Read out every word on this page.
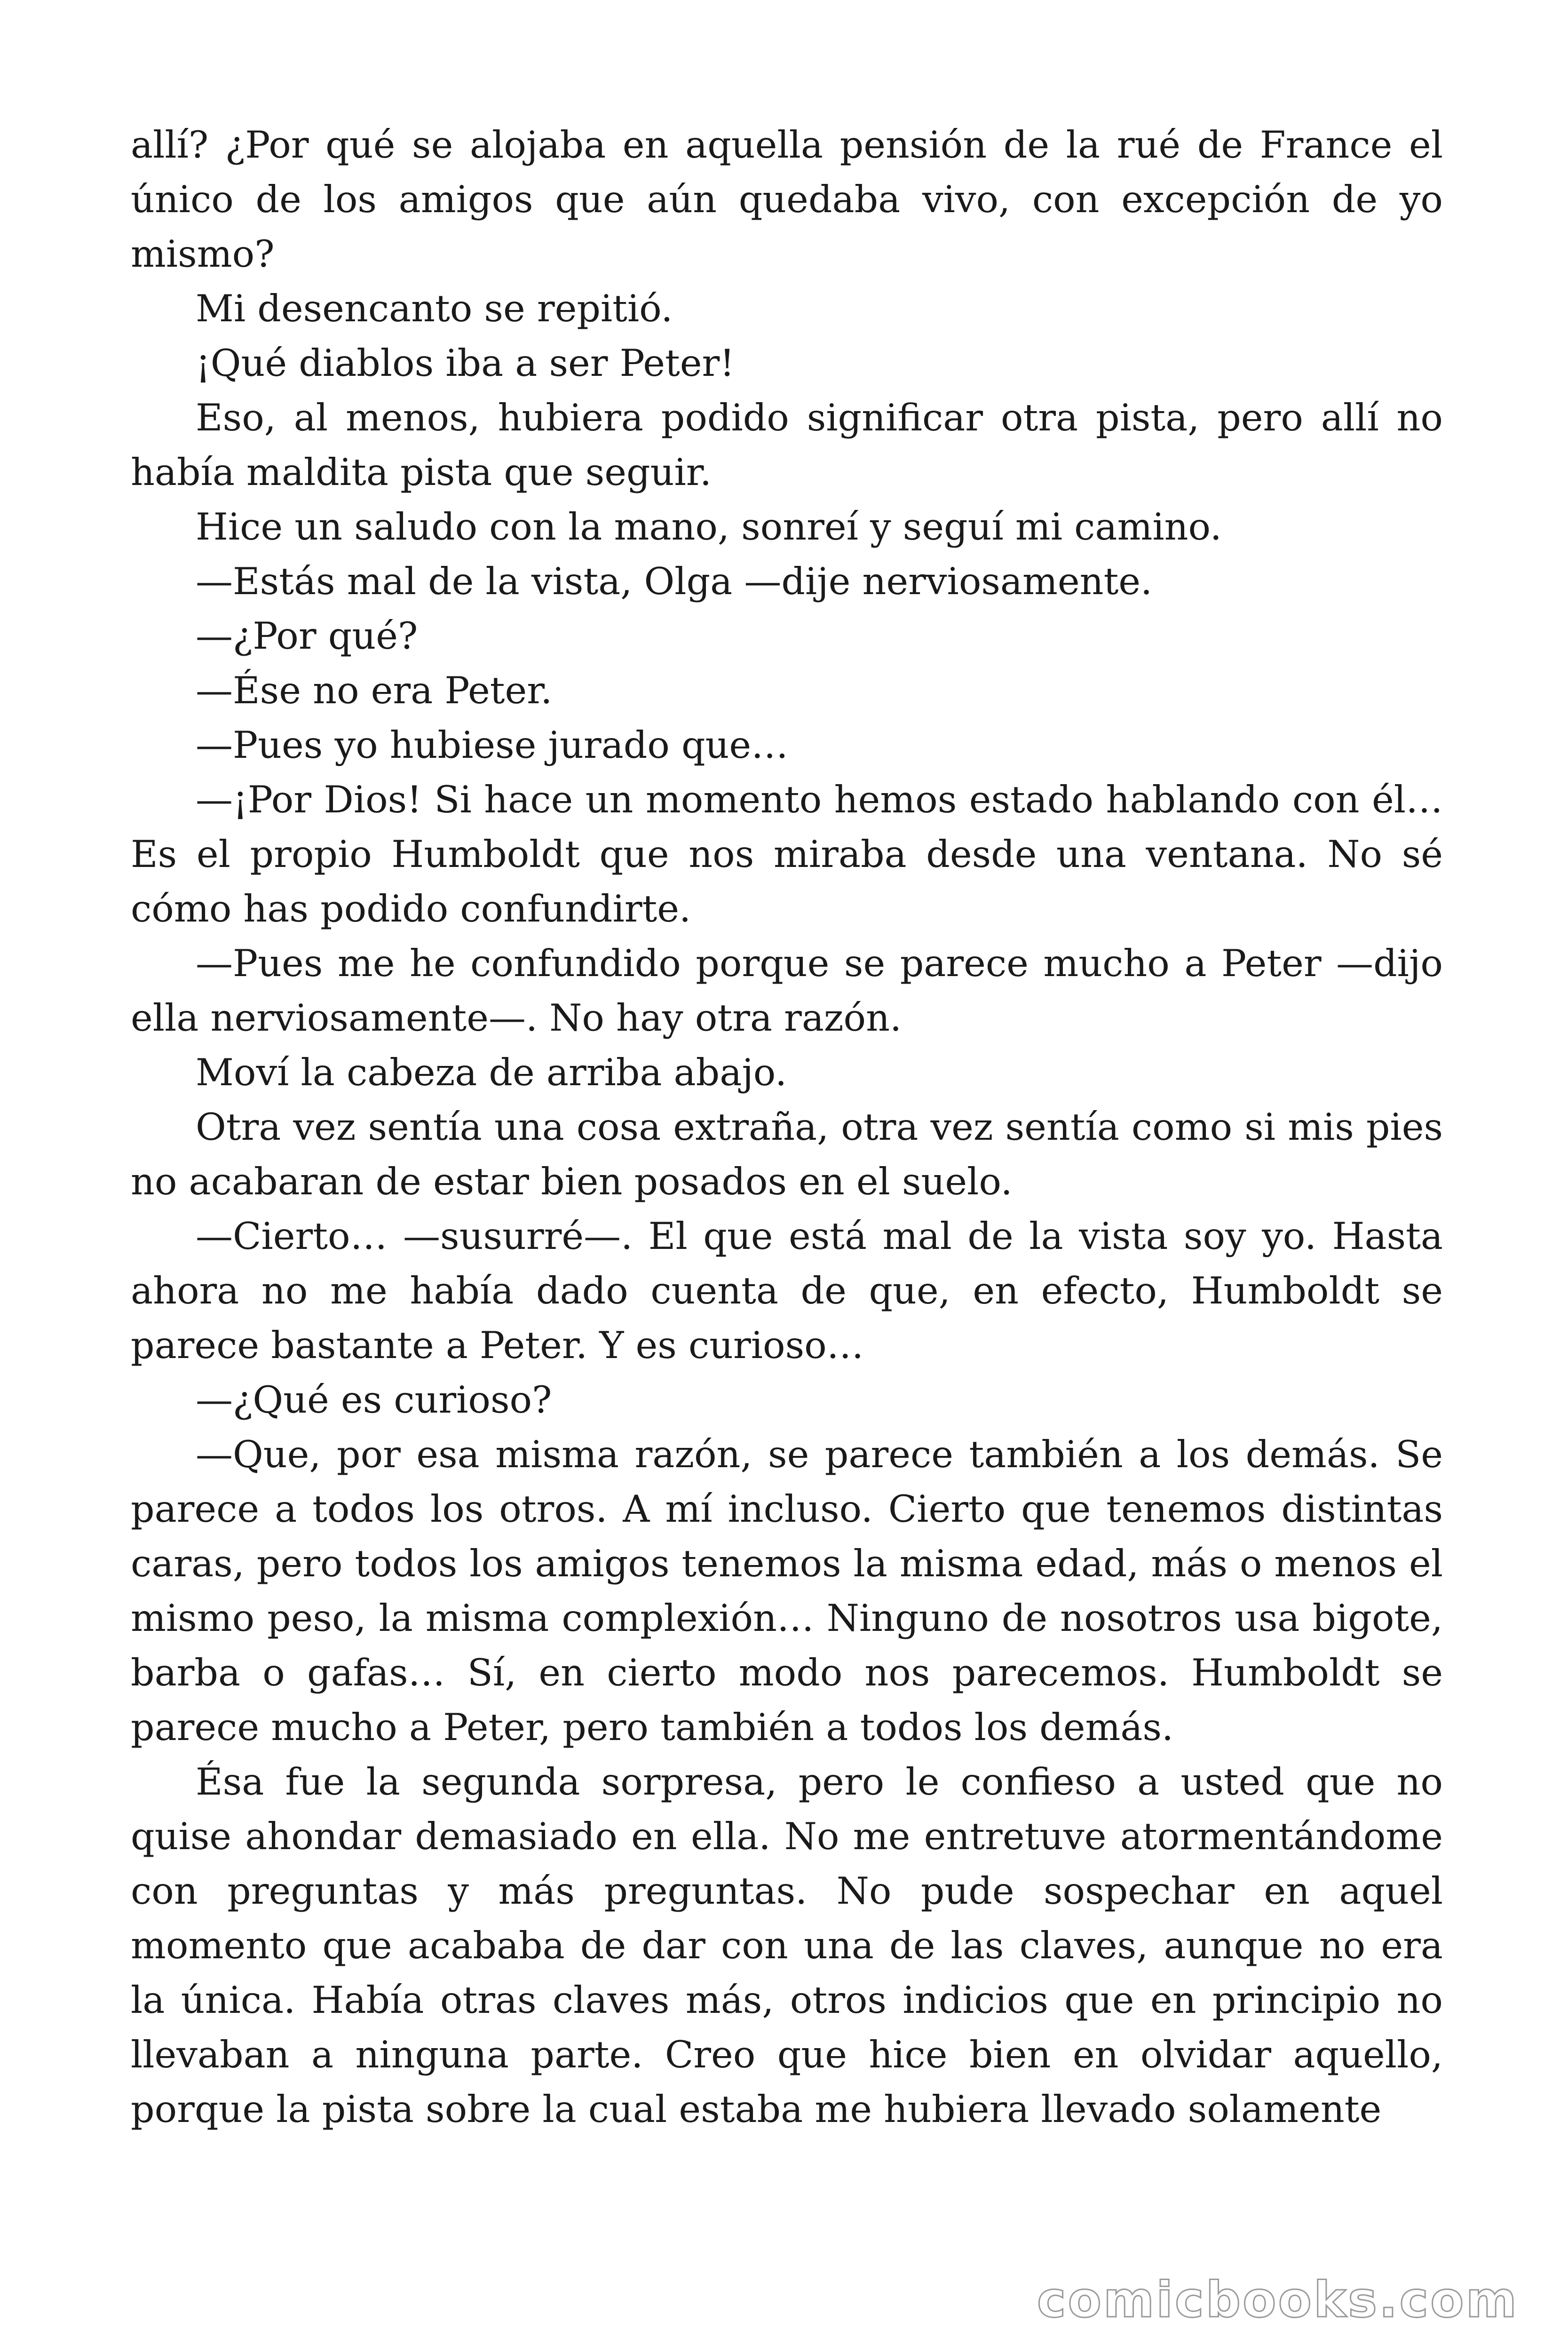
allí? ¿Por qué se alojaba en aquella pensión de la rué de France el único de los amigos que aún quedaba vivo, con excepción de yo mismo?

Mi desencanto se repitió.

¡Qué diablos iba a ser Peter!

Eso, al menos, hubiera podido significar otra pista, pero allí no había maldita pista que seguir.

Hice un saludo con la mano, sonreí y seguí mi camino.

—Estás mal de la vista, Olga —dije nerviosamente.

—¿Por qué?

—Ése no era Peter.

—Pues yo hubiese jurado que…

—¡Por Dios! Si hace un momento hemos estado hablando con él… Es el propio Humboldt que nos miraba desde una ventana. No sé cómo has podido confundirte.

—Pues me he confundido porque se parece mucho a Peter —dijo ella nerviosamente—. No hay otra razón.

Moví la cabeza de arriba abajo.

Otra vez sentía una cosa extraña, otra vez sentía como si mis pies no acabaran de estar bien posados en el suelo.

—Cierto… —susurré—. El que está mal de la vista soy yo. Hasta ahora no me había dado cuenta de que, en efecto, Humboldt se parece bastante a Peter. Y es curioso…

—¿Qué es curioso?

—Que, por esa misma razón, se parece también a los demás. Se parece a todos los otros. A mí incluso. Cierto que tenemos distintas caras, pero todos los amigos tenemos la misma edad, más o menos el mismo peso, la misma complexión… Ninguno de nosotros usa bigote, barba o gafas… Sí, en cierto modo nos parecemos. Humboldt se parece mucho a Peter, pero también a todos los demás.

Ésa fue la segunda sorpresa, pero le confieso a usted que no quise ahondar demasiado en ella. No me entretuve atormentándome con preguntas y más preguntas. No pude sospechar en aquel momento que acababa de dar con una de las claves, aunque no era la única. Había otras claves más, otros indicios que en principio no llevaban a ninguna parte. Creo que hice bien en olvidar aquello, porque la pista sobre la cual estaba me hubiera llevado solamente

comicbooks.com
